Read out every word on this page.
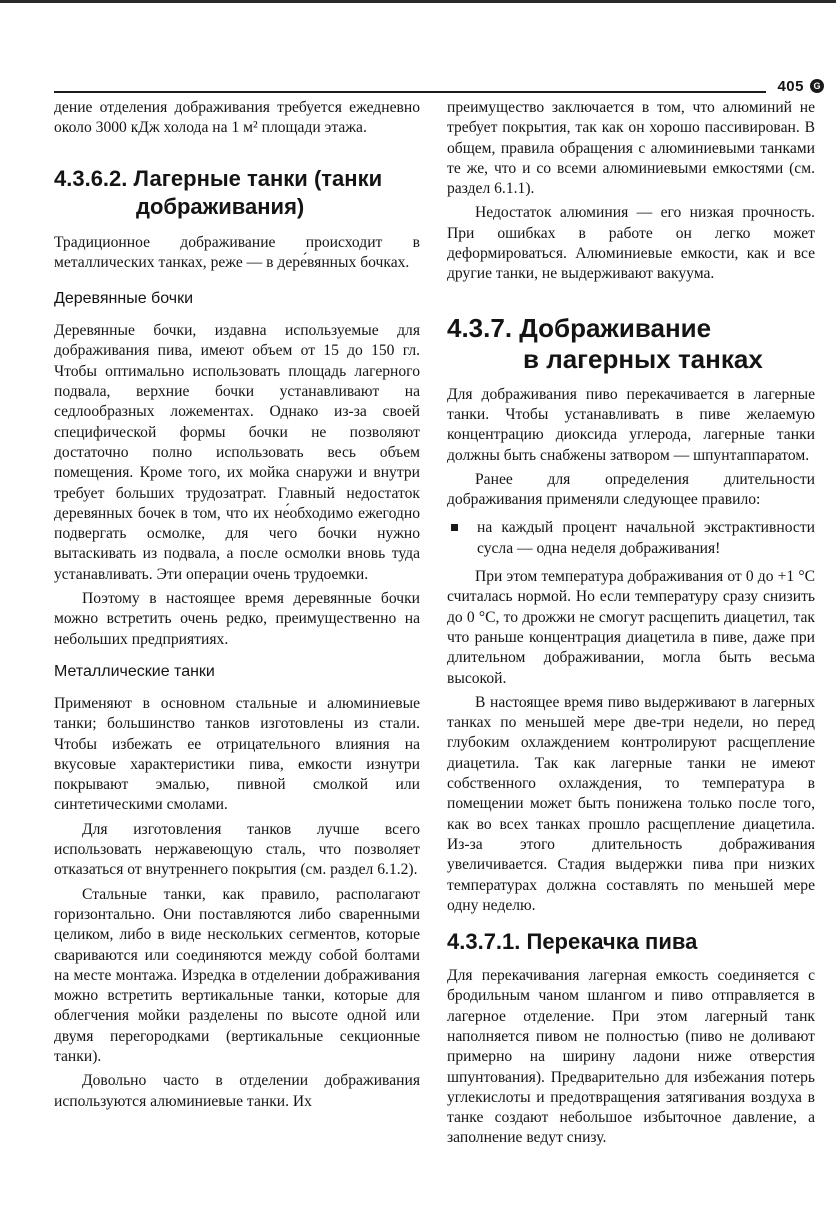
405	G

дение отделения дображивания требуется ежедневно около 3000 кДж холода на 1 м² площади этажа.

4.3.6.2. Лагерные танки (танки
дображивания)

Традиционное дображивание происходит в металлических танках, реже — в дере́вянных бочках.

Деревянные бочки

Деревянные бочки, издавна используемые для дображивания пива, имеют объем от 15 до 150 гл. Чтобы оптимально использовать площадь лагерного подвала, верхние бочки устанавливают на седлообразных ложементах. Однако из-за своей специфической формы бочки не позволяют достаточно полно использовать весь объем помещения. Кроме того, их мойка снаружи и внутри требует больших трудозатрат. Главный недостаток деревянных бочек в том, что их не́обходимо ежегодно подвергать осмолке, для чего бочки нужно вытаскивать из подвала, а после осмолки вновь туда устанавливать. Эти операции очень трудоемки.

Поэтому в настоящее время деревянные бочки можно встретить очень редко, преимущественно на небольших предприятиях.

Металлические танки

Применяют в основном стальные и алюминиевые танки; большинство танков изготовлены из стали. Чтобы избежать ее отрицательного влияния на вкусовые характеристики пива, емкости изнутри покрывают эмалью, пивной смолкой или синтетическими смолами.

Для изготовления танков лучше всего использовать нержавеющую сталь, что позволяет отказаться от внутреннего покрытия (см. раздел 6.1.2).

Стальные танки, как правило, располагают горизонтально. Они поставляются либо сваренными целиком, либо в виде нескольких сегментов, которые свариваются или соединяются между собой болтами на месте монтажа. Изредка в отделении дображивания можно встретить вертикальные танки, которые для облегчения мойки разделены по высоте одной или двумя перегородками (вертикальные секционные танки).

Довольно часто в отделении дображивания используются алюминиевые танки. Их

преимущество заключается в том, что алюминий не требует покрытия, так как он хорошо пассивирован. В общем, правила обращения с алюминиевыми танками те же, что и со всеми алюминиевыми емкостями (см. раздел 6.1.1).

Недостаток алюминия — его низкая прочность. При ошибках в работе он легко может деформироваться. Алюминиевые емкости, как и все другие танки, не выдерживают вакуума.

4.3.7. Дображивание
в лагерных танках

Для дображивания пиво перекачивается в лагерные танки. Чтобы устанавливать в пиве желаемую концентрацию диоксида углерода, лагерные танки должны быть снабжены затвором — шпунтаппаратом.

Ранее для определения длительности дображивания применяли следующее правило:

на каждый процент начальной экстрактивности сусла — одна неделя дображивания!

При этом температура дображивания от 0 до +1 °С считалась нормой. Но если температуру сразу снизить до 0 °С, то дрожжи не смогут расщепить диацетил, так что раньше концентрация диацетила в пиве, даже при длительном дображивании, могла быть весьма высокой.

В настоящее время пиво выдерживают в лагерных танках по меньшей мере две-три недели, но перед глубоким охлаждением контролируют расщепление диацетила. Так как лагерные танки не имеют собственного охлаждения, то температура в помещении может быть понижена только после того, как во всех танках прошло расщепление диацетила. Из-за этого длительность дображивания увеличивается. Стадия выдержки пива при низких температурах должна составлять по меньшей мере одну неделю.

4.3.7.1. Перекачка пива

Для перекачивания лагерная емкость соединяется с бродильным чаном шлангом и пиво отправляется в лагерное отделение. При этом лагерный танк наполняется пивом не полностью (пиво не доливают примерно на ширину ладони ниже отверстия шпунтования). Предварительно для избежания потерь углекислоты и предотвращения затягивания воздуха в танке создают небольшое избыточное давление, а заполнение ведут снизу.
